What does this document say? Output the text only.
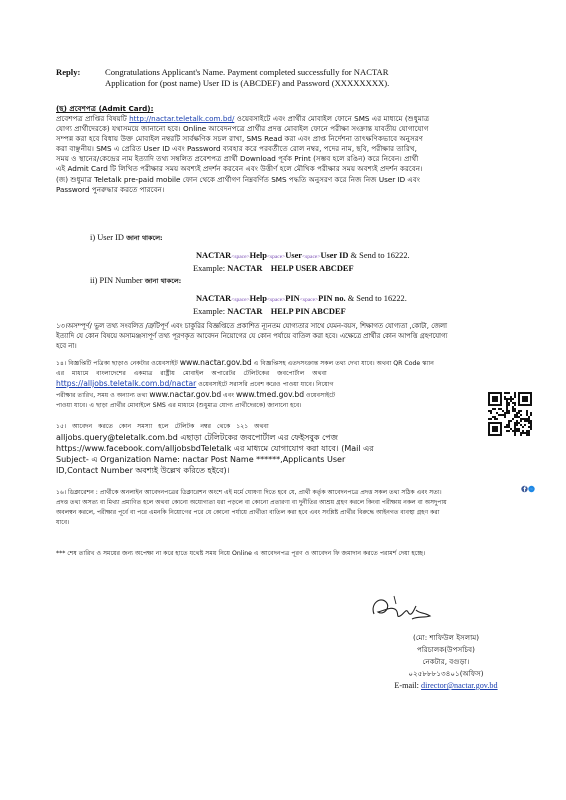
Reply:	Congratulations Applicant's Name. Payment completed successfully for NACTAR
Application for (post name) User ID is (ABCDEF) and Password (XXXXXXXX).

(ছ) প্রবেশপত্র (Admit Card):

প্রবেশপত্র প্রাপ্তির বিষয়টি http://nactar.teletalk.com.bd/ ওয়েবসাইটে এবং প্রার্থীর মোবাইল ফোনে SMS এর মাধ্যমে (শুধুমাত্র

যোগ্য প্রার্থীদেরকে) যথাসময়ে জানানো হবে। Online আবেদনপত্রে প্রার্থীর প্রদত্ত মোবাইল ফোনে পরীক্ষা সংক্রান্ত যাবতীয় যোগাযোগ

সম্পন্ন করা হবে বিধায় উক্ত মোবাইল নম্বরটি সার্বক্ষণিক সচল রাখা, SMS Read করা এবং প্রাপ্ত নির্দেশনা তাৎক্ষণিকভাবে অনুসরণ

করা বাঞ্ছনীয়। SMS এ প্রেরিত User ID এবং Password ব্যবহার করে পরবর্তীতে রোল নম্বর, পদের নাম, ছবি, পরীক্ষার তারিখ,

সময় ও স্থানের/কেন্দ্রের নাম ইত্যাদি তথ্য সম্বলিত প্রবেশপত্র প্রার্থী Download পূর্বক Print (সম্ভব হলে রঙিন) করে নিবেন। প্রার্থী

এই Admit Card টি লিখিত পরীক্ষার সময় অবশ্যই প্রদর্শন করবেন এবং উত্তীর্ণ হলে মৌখিক পরীক্ষার সময় অবশ্যই প্রদর্শন করবেন।

(জ) শুধুমাত্র Teletalk pre-paid mobile ফোন থেকে প্রার্থীগণ নিম্নবর্ণিত SMS পদ্ধতি অনুসরণ করে নিজ নিজ User ID এবং

Password পুনরুদ্ধার করতে পারবেন।

i) User ID জানা থাকলে:
NACTAR<space>Help<space>User<space>User ID & Send to 16222.
Example: NACTAR    HELP USER ABCDEF
ii) PIN Number জানা থাকলে:
NACTAR<space>Help<space>PIN<space>PIN no. & Send to 16222.
Example: NACTAR    HELP PIN ABCDEF

১৩।অসম্পূর্ণ/ ভুল তথ্য সংবলিত /ত্রুটিপূর্ণ এবং চাকুরির বিজ্ঞপ্তিতে প্রকাশিত ন্যূনতম যোগ্যতার সাথে যেমন-বয়স, শিক্ষাগত যোগ্যতা ,কোটা, জেলা

ইত্যাদি যে কোন বিষয়ে অসামঞ্জস্যপূর্ণ তথ্য পূরণকৃত আবেদন নিয়োগের যে কোন পর্যায়ে বাতিল করা হবে। এক্ষেত্রে প্রার্থীর কোন আপত্তি গ্রহণযোগ্য

হবে না।

১৪। বিজ্ঞপ্তিটি পত্রিকা ছাড়াও নেকটার ওয়েবসাইট www.nactar.gov.bd এ বিজ্ঞপ্তিসহ এতদসংক্রান্ত সকল তথ্য দেখা যাবে। অথবা QR Code স্ক্যান

এর    মাধ্যমে    বাংলাদেশের    একমাত্র    রাষ্ট্রীয়    মোবাইল    অপারেটর    টেলিটকের    জবপোর্টাল    অথবা

https://alljobs.teletalk.com.bd/nactar ওয়েবসাইটে সরাসরি প্রবেশ করেও পাওয়া যাবে। নিয়োগ

পরীক্ষার তারিখ, সময় ও অন্যান্য তথ্য www.nactar.gov.bd এবং www.tmed.gov.bd ওয়েবসাইটে

পাওয়া যাবে। এ ছাড়া প্রার্থীর মোবাইলে SMS এর মাধ্যমে (শুধুমাত্র যোগ্য প্রার্থীদেরকে) জানানো হবে।

১৫।   আবেদন   করতে   কোন   সমস্যা   হলে   টেলিটক   নম্বর   থেকে   ১২১   অথবা

alljobs.query@teletalk.com.bd এছাড়া টেলিটকের জবপোর্টাল এর ফেইসবুক পেজ

https://www.facebook.com/alljobsbdTeletalk এর মাধ্যমে যোগাযোগ করা যাবে। (Mail এর

Subject- এ Organization Name: nactar Post Name ******,Applicants User

ID,Contact Number অবশ্যই উল্লেখ করিতে হইবে)।

f

১৬। ডিক্লারেশন : প্রার্থীকে অনলাইন আবেদনপত্রের ডিক্লারেশন অংশে এই মর্মে ঘোষণা দিতে হবে যে, প্রার্থী কর্তৃক আবেদনপত্রে প্রদত্ত সকল তথ্য সঠিক এবং সত্য।

প্রদত্ত তথ্য অসত্য বা মিথ্যা প্রমাণিত হলে অথবা কোনো অযোগ্যতা ধরা পড়লে বা কোনো প্রতারণা বা দুর্নীতির আশ্রয় গ্রহণ করলে কিংবা পরীক্ষায় নকল বা অসদুপায়

অবলম্বন করলে, পরীক্ষার পূর্বে বা পরে এমনকি নিয়োগের পরে যে কোনো পর্যায়ে প্রার্থীতা বাতিল করা হবে এবং সংশ্লিষ্ট প্রার্থীর বিরুদ্ধে আইনগত ব্যবস্থা গ্রহণ করা

যাবে।

*** শেষ তারিখ ও সময়ের জন্য অপেক্ষা না করে হাতে যথেষ্ট সময় নিয়ে Online এ আবেদনপত্র পূরণ ও আবেদন ফি জমাদান করতে পরামর্শ দেয়া হচ্ছে।

(মো: শাফিউল ইসলাম)

পরিচালক(উপসচিব)

নেকটার, বগুড়া।

০২৫৮৮৮১৩৪০১(অফিস)

E-mail: director@nactar.gov.bd
